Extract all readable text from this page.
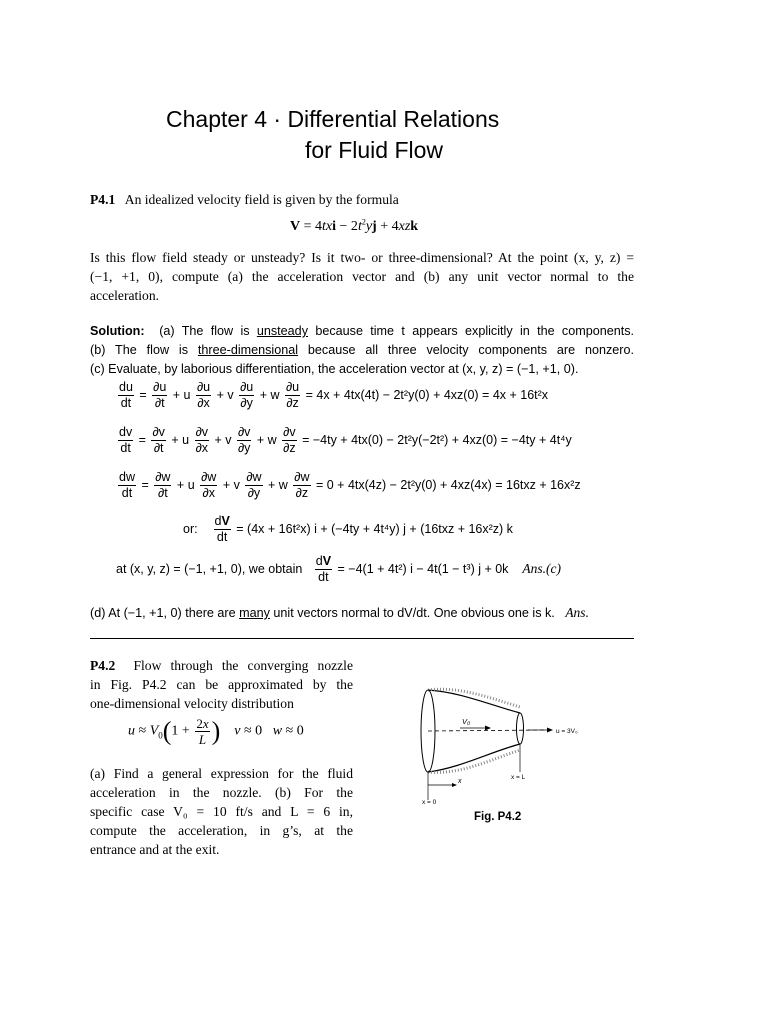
Chapter 4 · Differential Relations
for Fluid Flow
P4.1 An idealized velocity field is given by the formula
$V = 4txi - 2t^2yj + 4xzk$
Is this flow field steady or unsteady? Is it two- or three-dimensional? At the point (x, y, z) =
(−1, +1, 0), compute (a) the acceleration vector and (b) any unit vector normal to the
acceleration.
Solution: (a) The flow is unsteady because time t appears explicitly in the components.
(b) The flow is three-dimensional because all three velocity components are nonzero.
(c) Evaluate, by laborious differentiation, the acceleration vector at (x, y, z) = (−1, +1, 0).
$\frac{du}{dt} = \frac{\partial u}{\partial t} + u \frac{\partial u}{\partial x} + v \frac{\partial u}{\partial y} + w \frac{\partial u}{\partial z} = 4x + 4tx(4t) - 2t^2y(0) + 4xz(0) = 4x + 16t^2x$
$\frac{dv}{dt} = \frac{\partial v}{\partial t} + u \frac{\partial v}{\partial x} + v \frac{\partial v}{\partial y} + w \frac{\partial v}{\partial z} = -4ty + 4tx(0) - 2t^2y(-2t^2) + 4xz(0) = -4ty + 4t^4y$
$\frac{dw}{dt} = \frac{\partial w}{\partial t} + u \frac{\partial w}{\partial x} + v \frac{\partial w}{\partial y} + w \frac{\partial w}{\partial z} = 0 + 4tx(4z) - 2t^2y(0) + 4xz(4x) = 16txz + 16x^2z$
or: $\frac{dV}{dt} = (4x + 16t^2x) i + (-4ty + 4t^4y) j + (16txz + 16x^2z)$ k
at (x, y, z) = (−1, +1, 0), we obtain $\frac{dV}{dt} = -4(1 + 4t^2) i - 4t(1 - t^3) j + 0k$ Ans.(c)
(d) At (−1, +1, 0) there are many unit vectors normal to dV/dt. One obvious one is k. Ans.
P4.2 Flow through the converging nozzle
in Fig. P4.2 can be approximated by the
one-dimensional velocity distribution
$u \approx V_0(1 + \frac{2x}{L}$ ) v ≈ 0   w ≈ 0
(a) Find a general expression for the fluid
acceleration in the nozzle. (b) For the
specific case V₀ = 10 ft/s and L = 6 in,
compute the acceleration, in g’s, at the
entrance and at the exit.
V₀
u = 3V₀
x
x = L
x = 0
Fig. P4.2
